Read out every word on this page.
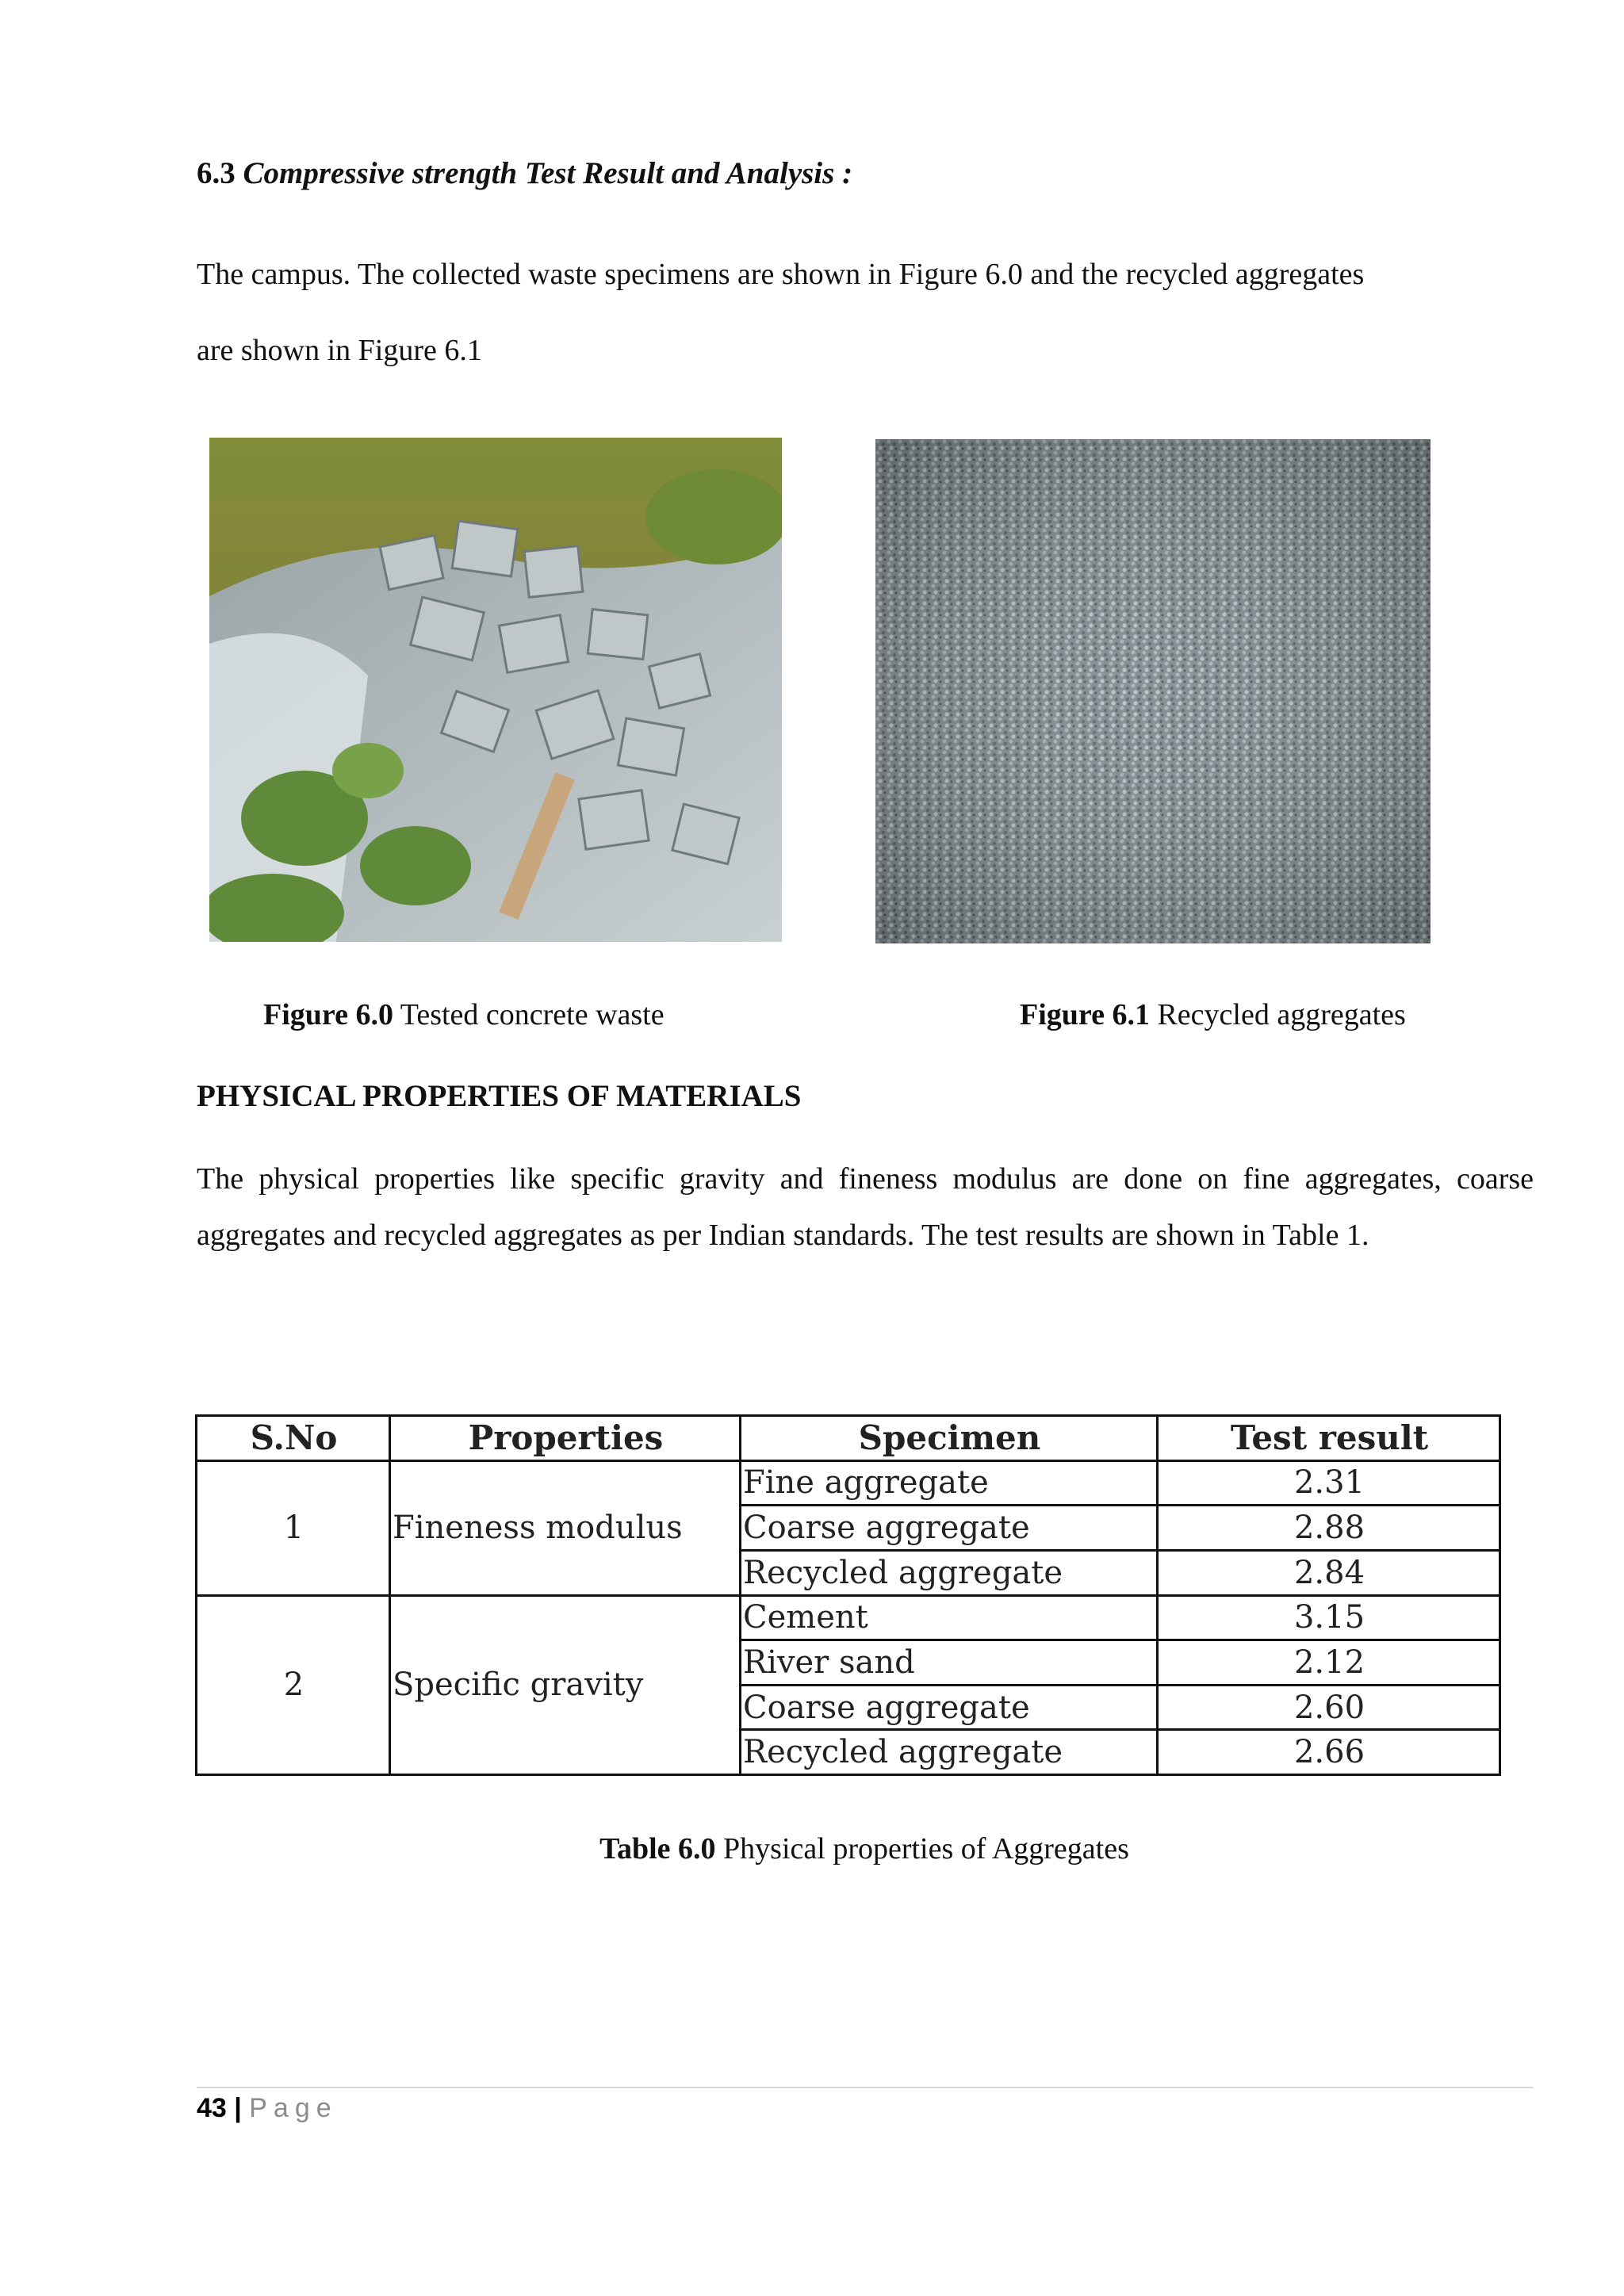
6.3 Compressive strength Test Result and Analysis :
The campus. The collected waste specimens are shown in Figure 6.0 and the recycled aggregates
are shown in Figure 6.1
Figure 6.0 Tested concrete waste	Figure 6.1 Recycled aggregates
PHYSICAL PROPERTIES OF MATERIALS
The physical properties like specific gravity and fineness modulus are done on fine aggregates, coarse aggregates and recycled aggregates as per Indian standards. The test results are shown in Table 1.
S.No	Properties	Specimen	Test result
1	Fineness modulus	Fine aggregate	2.31
		Coarse aggregate	2.88
		Recycled aggregate	2.84
2	Specific gravity	Cement	3.15
		River sand	2.12
		Coarse aggregate	2.60
		Recycled aggregate	2.66
Table 6.0 Physical properties of Aggregates
43 | Page
